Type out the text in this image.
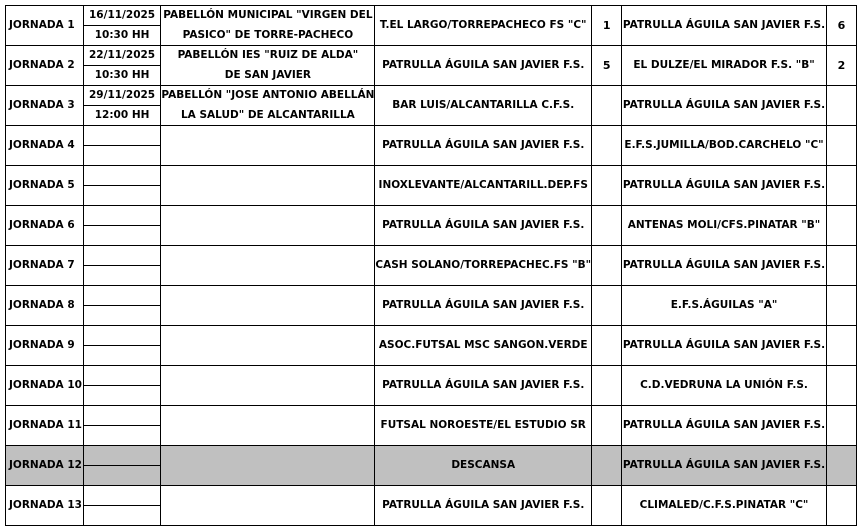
JORNADA 1	16/11/2025	PABELLÓN MUNICIPAL "VIRGEN DEL	T.EL LARGO/TORREPACHECO FS "C"	1	PATRULLA ÁGUILA SAN JAVIER F.S.	6
	10:30 HH	PASICO" DE TORRE-PACHECO				

JORNADA 2	22/11/2025	PABELLÓN IES "RUIZ DE ALDA"	PATRULLA ÁGUILA SAN JAVIER F.S.	5	EL DULZE/EL MIRADOR F.S. "B"	2
	10:30 HH	DE SAN JAVIER				

JORNADA 3	29/11/2025	PABELLÓN "JOSE ANTONIO ABELLÁN	BAR LUIS/ALCANTARILLA C.F.S.		PATRULLA ÁGUILA SAN JAVIER F.S.	
	12:00 HH	LA SALUD" DE ALCANTARILLA				

JORNADA 4			PATRULLA ÁGUILA SAN JAVIER F.S.		E.F.S.JUMILLA/BOD.CARCHELO "C"	

JORNADA 5			INOXLEVANTE/ALCANTARILL.DEP.FS		PATRULLA ÁGUILA SAN JAVIER F.S.	

JORNADA 6			PATRULLA ÁGUILA SAN JAVIER F.S.		ANTENAS MOLI/CFS.PINATAR "B"	

JORNADA 7			CASH SOLANO/TORREPACHEC.FS "B"		PATRULLA ÁGUILA SAN JAVIER F.S.	

JORNADA 8			PATRULLA ÁGUILA SAN JAVIER F.S.		E.F.S.ÁGUILAS "A"	

JORNADA 9			ASOC.FUTSAL MSC SANGON.VERDE		PATRULLA ÁGUILA SAN JAVIER F.S.	

JORNADA 10			PATRULLA ÁGUILA SAN JAVIER F.S.		C.D.VEDRUNA LA UNIÓN F.S.	

JORNADA 11			FUTSAL NOROESTE/EL ESTUDIO SR		PATRULLA ÁGUILA SAN JAVIER F.S.	

JORNADA 12			DESCANSA		PATRULLA ÁGUILA SAN JAVIER F.S.	

JORNADA 13			PATRULLA ÁGUILA SAN JAVIER F.S.		CLIMALED/C.F.S.PINATAR "C"	
